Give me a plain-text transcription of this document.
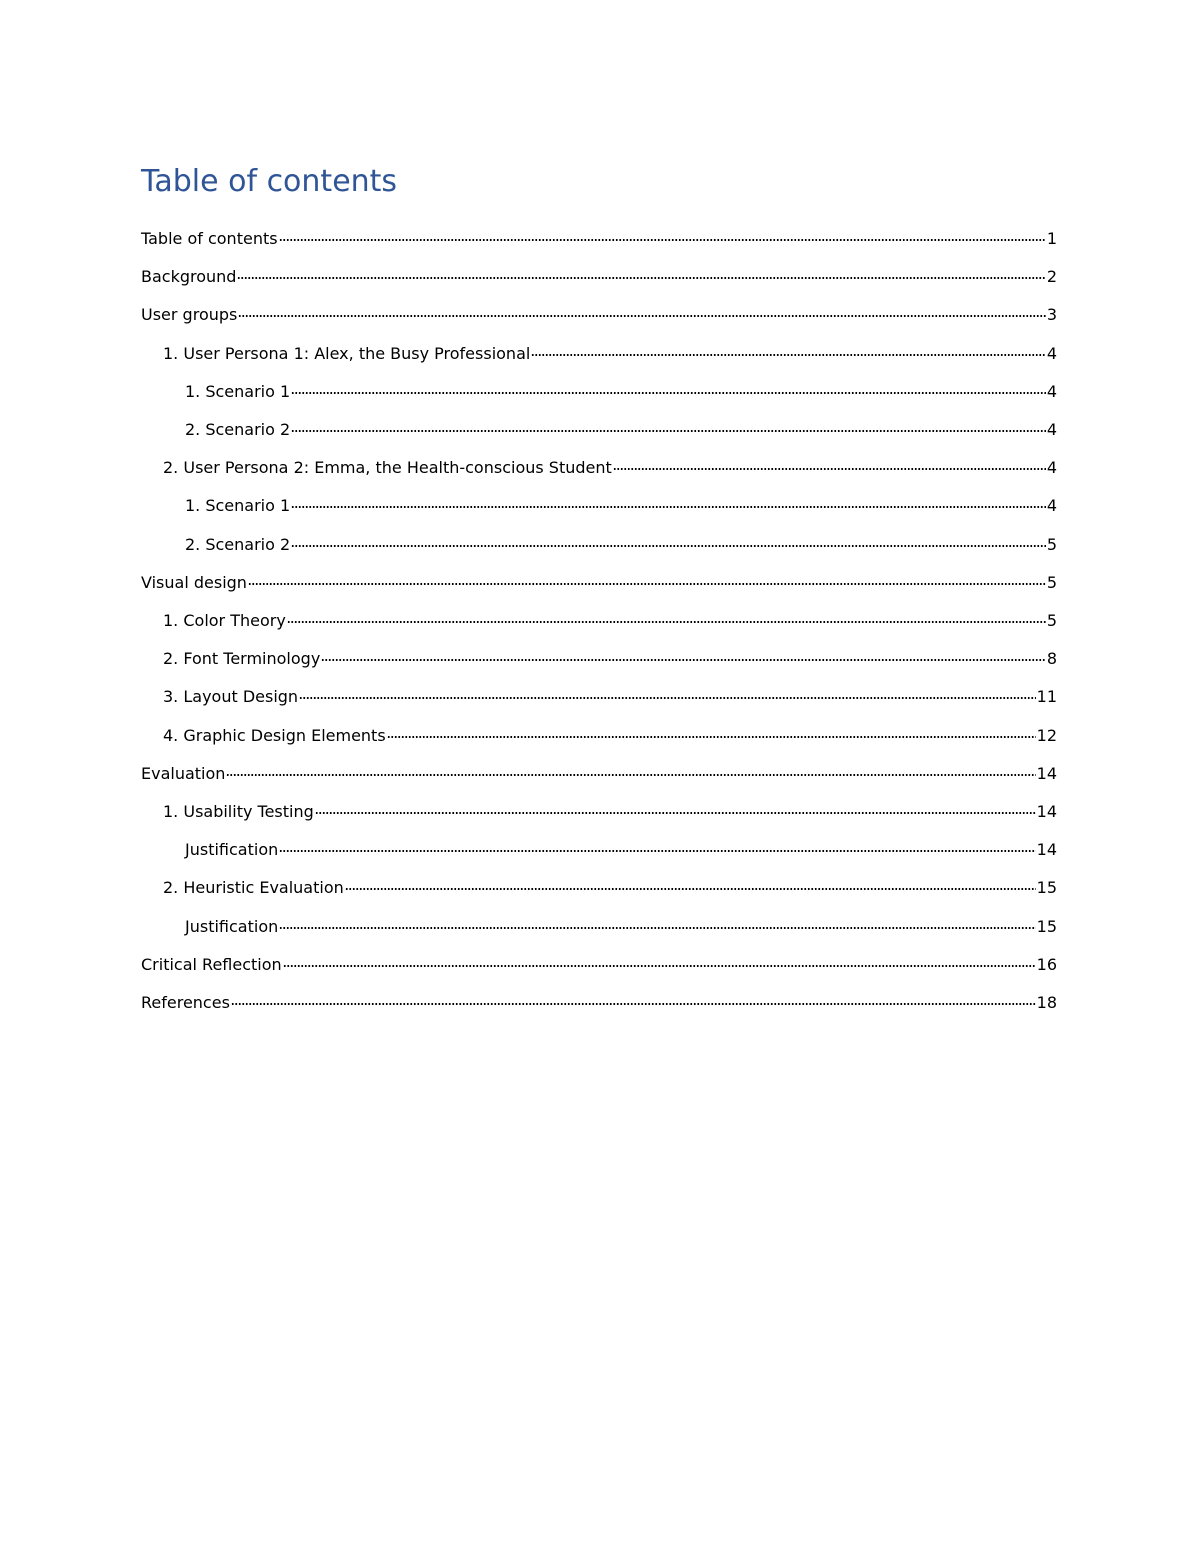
Table of contents
Table of contents	1
Background	2
User groups	3
1. User Persona 1: Alex, the Busy Professional	4
1. Scenario 1	4
2. Scenario 2	4
2. User Persona 2: Emma, the Health-conscious Student	4
1. Scenario 1	4
2. Scenario 2	5
Visual design	5
1. Color Theory	5
2. Font Terminology	8
3. Layout Design	11
4. Graphic Design Elements	12
Evaluation	14
1. Usability Testing	14
Justification	14
2. Heuristic Evaluation	15
Justification	15
Critical Reflection	16
References	18
